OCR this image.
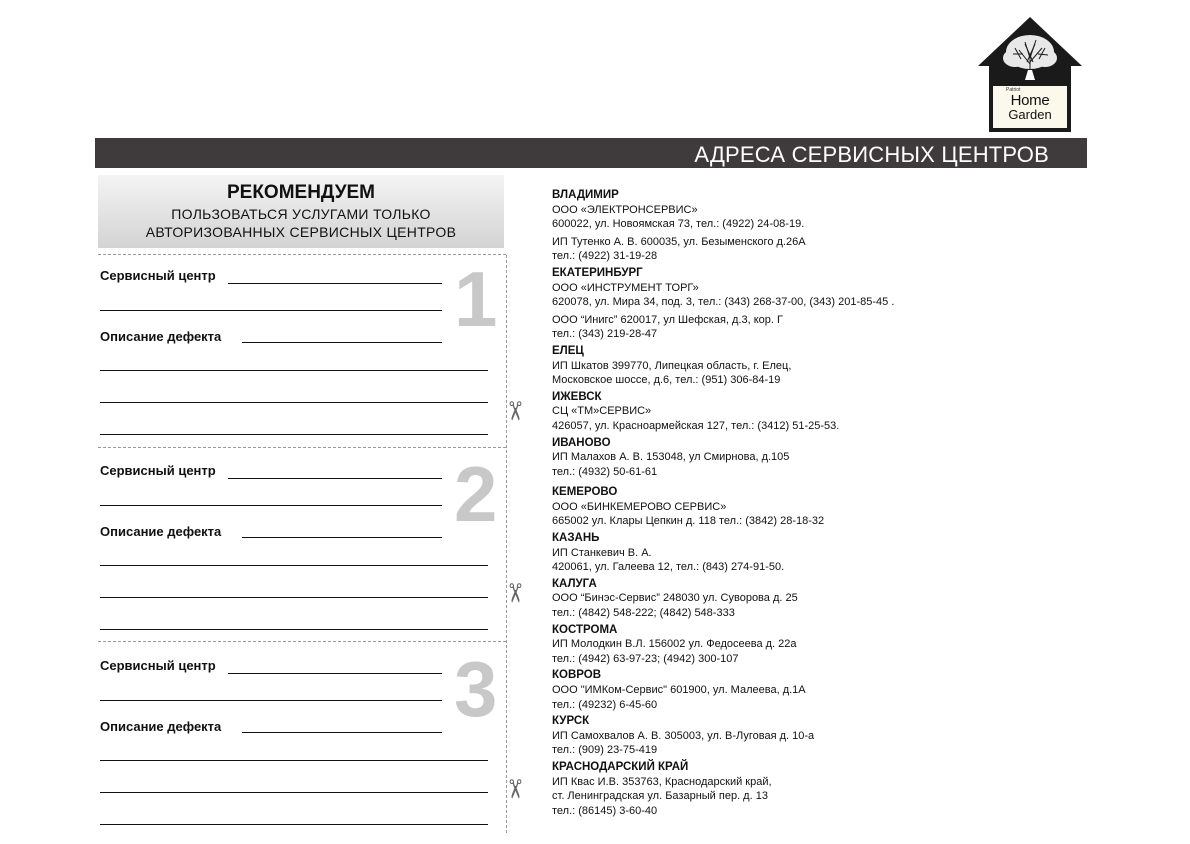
Patriot
Home
Garden
АДРЕСА СЕРВИСНЫХ ЦЕНТРОВ
РЕКОМЕНДУЕМ
ПОЛЬЗОВАТЬСЯ УСЛУГАМИ ТОЛЬКО
АВТОРИЗОВАННЫХ СЕРВИСНЫХ ЦЕНТРОВ
✂
✂
✂
1
Сервисный центр
Описание дефекта
2
Сервисный центр
Описание дефекта
3
Сервисный центр
Описание дефекта
ВЛАДИМИР
ООО «ЭЛЕКТРОНСЕРВИС»
600022, ул. Новоямская 73, тел.: (4922) 24-08-19.
ИП Тутенко А. В. 600035, ул. Безыменского д.26А
тел.: (4922) 31-19-28
ЕКАТЕРИНБУРГ
ООО «ИНСТРУМЕНТ ТОРГ»
620078, ул. Мира 34, под. 3, тел.: (343) 268-37-00, (343) 201-85-45 .
ООО “Инигс” 620017, ул Шефская, д.3, кор. Г
тел.: (343) 219-28-47
ЕЛЕЦ
ИП Шкатов 399770, Липецкая область, г. Елец,
Московское шоссе, д.6, тел.: (951) 306-84-19
ИЖЕВСК
СЦ «ТМ»СЕРВИС»
426057, ул. Красноармейская 127, тел.: (3412) 51-25-53.
ИВАНОВО
ИП Малахов А. В. 153048, ул Смирнова, д.105
тел.: (4932) 50-61-61
КЕМЕРОВО
ООО «БИНКЕМЕРОВО СЕРВИС»
665002 ул. Клары Цепкин д. 118 тел.: (3842) 28-18-32
КАЗАНЬ
ИП Станкевич В. А.
420061, ул. Галеева 12, тел.: (843) 274-91-50.
КАЛУГА
ООО “Бинэс-Сервис” 248030 ул. Суворова д. 25
тел.: (4842) 548-222; (4842) 548-333
КОСТРОМА
ИП Молодкин В.Л. 156002 ул. Федосеева д. 22а
тел.: (4942) 63-97-23; (4942) 300-107
КОВРОВ
ООО "ИМКом-Сервис" 601900, ул. Малеева, д.1А
тел.: (49232) 6-45-60
КУРСК
ИП Самохвалов А. В. 305003, ул. В-Луговая д. 10-а
тел.: (909) 23-75-419
КРАСНОДАРСКИЙ КРАЙ
ИП Квас И.В. 353763, Краснодарский край,
ст. Ленинградская ул. Базарный пер. д. 13
тел.: (86145) 3-60-40
